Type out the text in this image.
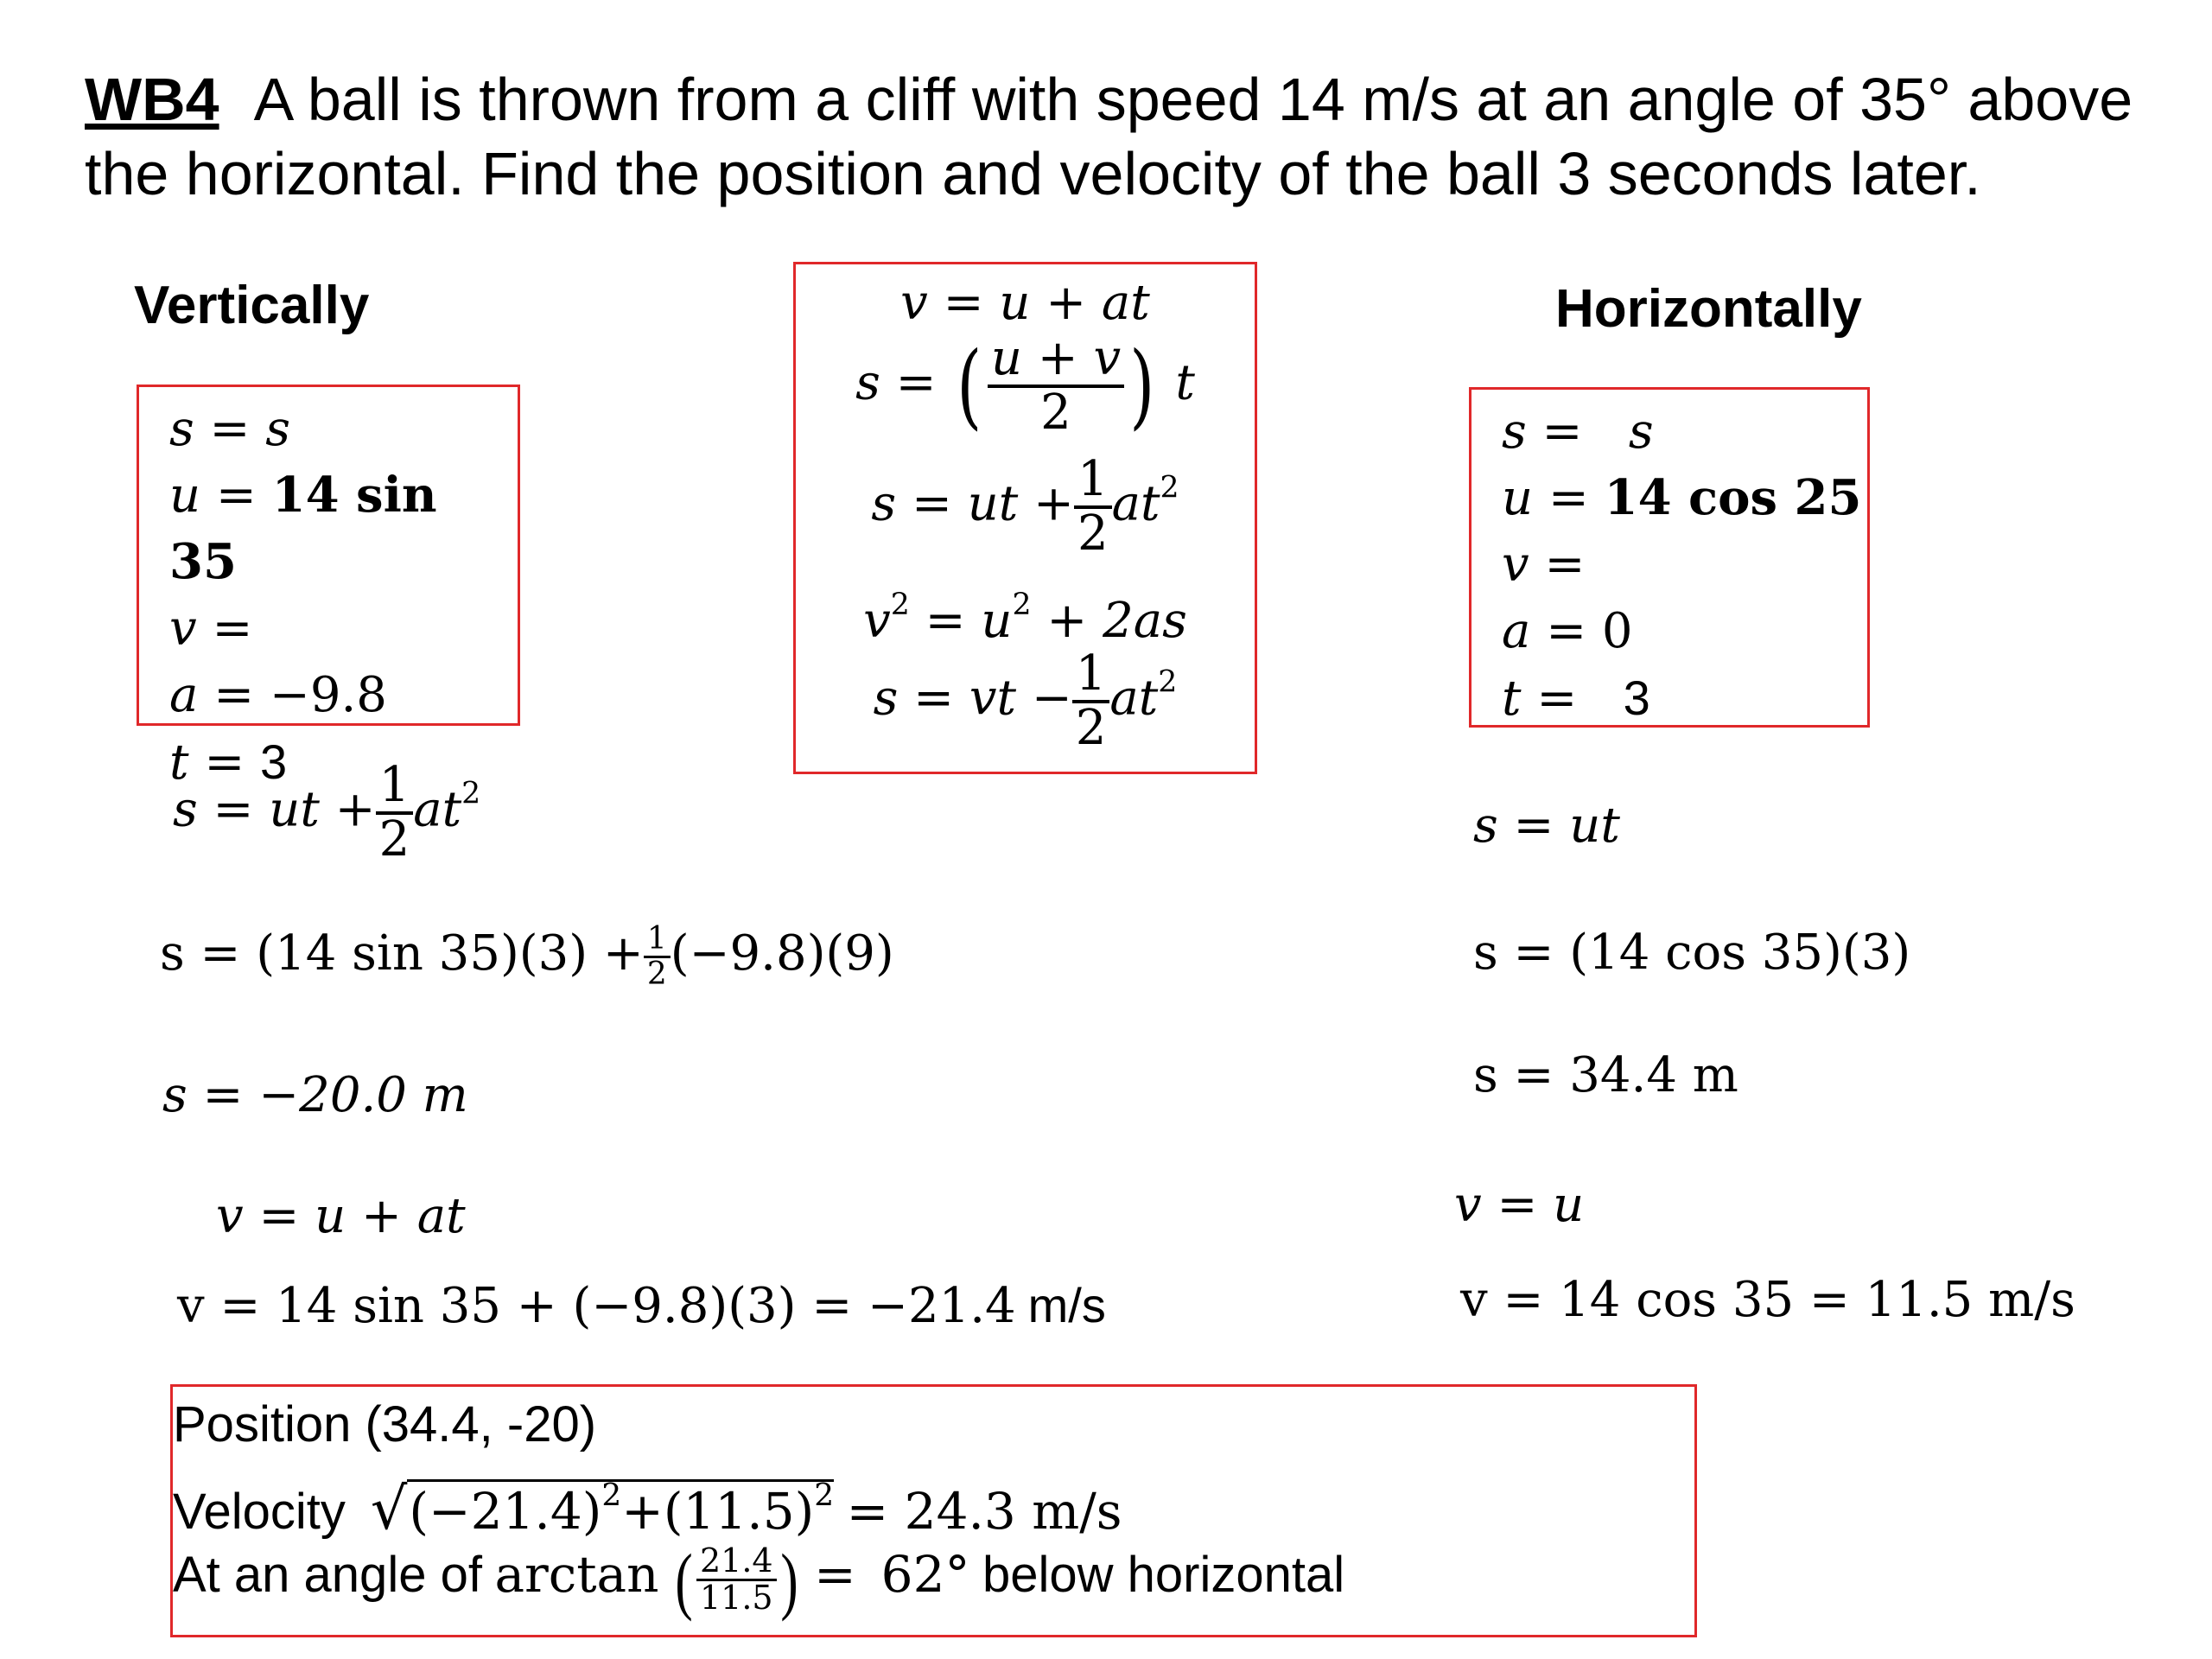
WB4 A ball is thrown from a cliff with speed 14 m/s at an angle of 35° above
the horizontal. Find the position and velocity of the ball 3 seconds later.
Vertically
s = s
u = 14 sin 35
v =
a = −9.8
t = 3
v = u + at
s = ( $\frac{u + v}{2}$ ) t
s = ut + $\frac{1}{2} at^2$
$v^2 = u^2 + 2as$
s = vt − $\frac{1}{2} at^2$
Horizontally
s =   s
u = 14 cos 25
v =
a = 0
t =   3
s = ut + $\frac{1}{2} at^2$
s = (14 $\sin 35)(3) + \frac{1}{2} (-9.8)(9)$
s = −20.0 m
v = u + at
v = 14 sin 35 + (−9.8)(3) = −21.4 m/s
s = ut
s = (14 cos 35)(3)
s = 34.4 m
v = u
v = 14 cos 35 = 11.5 m/s
Position (34.4, -20)
Velocity $√(-21.4)^2+(11.5)^2 = 24.3$ m/s
At an angle of arctan ( $\frac{21.4}{11.5}$ ) = 62° below horizontal
